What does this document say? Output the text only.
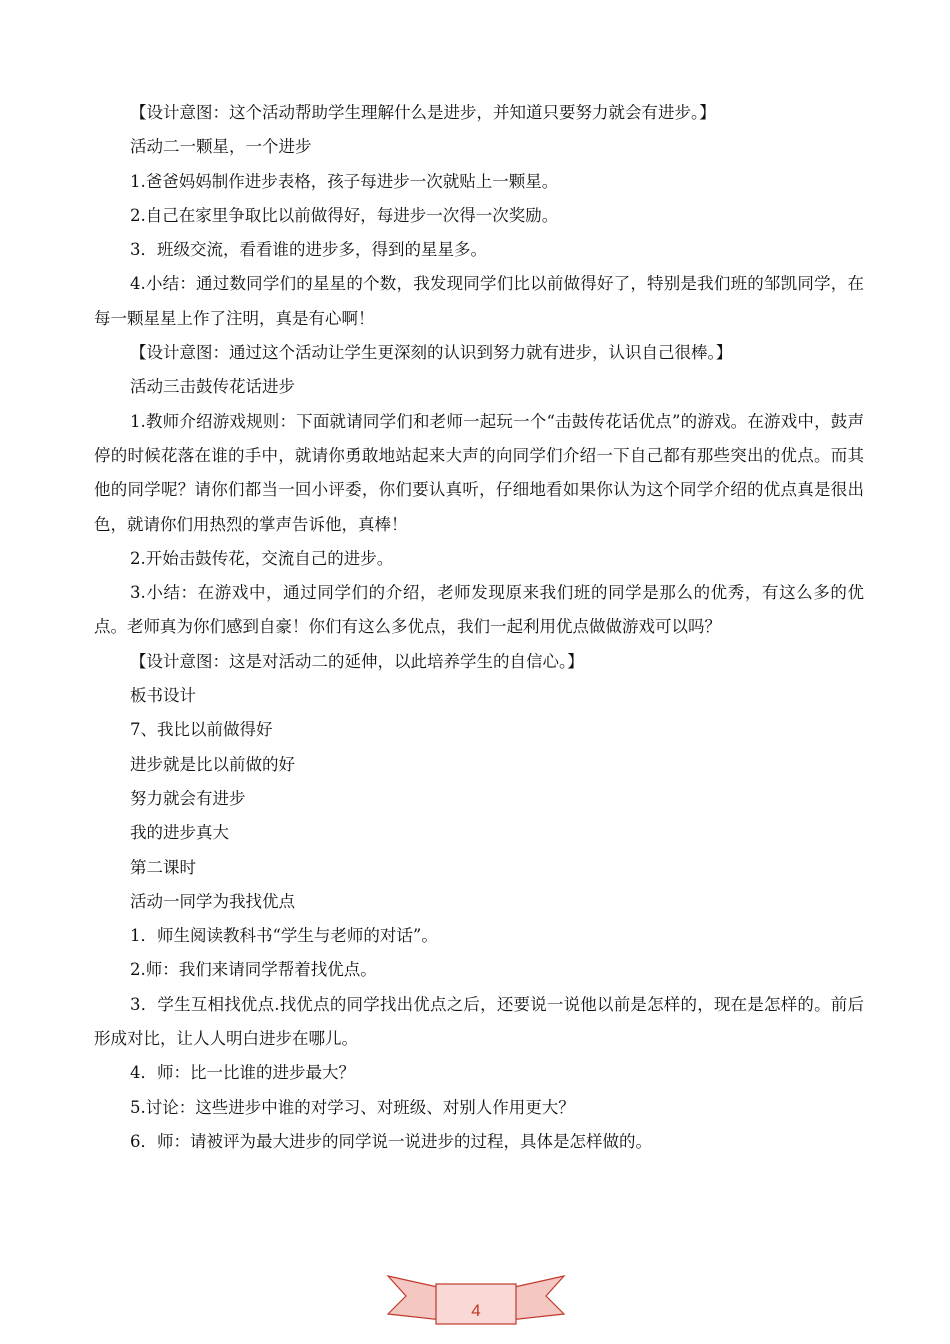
【设计意图：这个活动帮助学生理解什么是进步，并知道只要努力就会有进步。】

活动二一颗星，一个进步

1.爸爸妈妈制作进步表格，孩子每进步一次就贴上一颗星。

2.自己在家里争取比以前做得好，每进步一次得一次奖励。

3．班级交流，看看谁的进步多，得到的星星多。

4.小结：通过数同学们的星星的个数，我发现同学们比以前做得好了，特别是我们班的邹凯同学，在每一颗星星上作了注明，真是有心啊！

【设计意图：通过这个活动让学生更深刻的认识到努力就有进步，认识自己很棒。】

活动三击鼓传花话进步

1.教师介绍游戏规则：下面就请同学们和老师一起玩一个“击鼓传花话优点”的游戏。在游戏中，鼓声停的时候花落在谁的手中，就请你勇敢地站起来大声的向同学们介绍一下自己都有那些突出的优点。而其他的同学呢？请你们都当一回小评委，你们要认真听，仔细地看如果你认为这个同学介绍的优点真是很出色，就请你们用热烈的掌声告诉他，真棒！

2.开始击鼓传花，交流自己的进步。

3.小结：在游戏中，通过同学们的介绍，老师发现原来我们班的同学是那么的优秀，有这么多的优点。老师真为你们感到自豪！你们有这么多优点，我们一起利用优点做做游戏可以吗？

【设计意图：这是对活动二的延伸，以此培养学生的自信心。】

板书设计

7、我比以前做得好

进步就是比以前做的好

努力就会有进步

我的进步真大

第二课时

活动一同学为我找优点

1．师生阅读教科书“学生与老师的对话”。

2.师：我们来请同学帮着找优点。

3．学生互相找优点.找优点的同学找出优点之后，还要说一说他以前是怎样的，现在是怎样的。前后形成对比，让人人明白进步在哪儿。

4．师：比一比谁的进步最大？

5.讨论：这些进步中谁的对学习、对班级、对别人作用更大？

6．师：请被评为最大进步的同学说一说进步的过程，具体是怎样做的。

4
